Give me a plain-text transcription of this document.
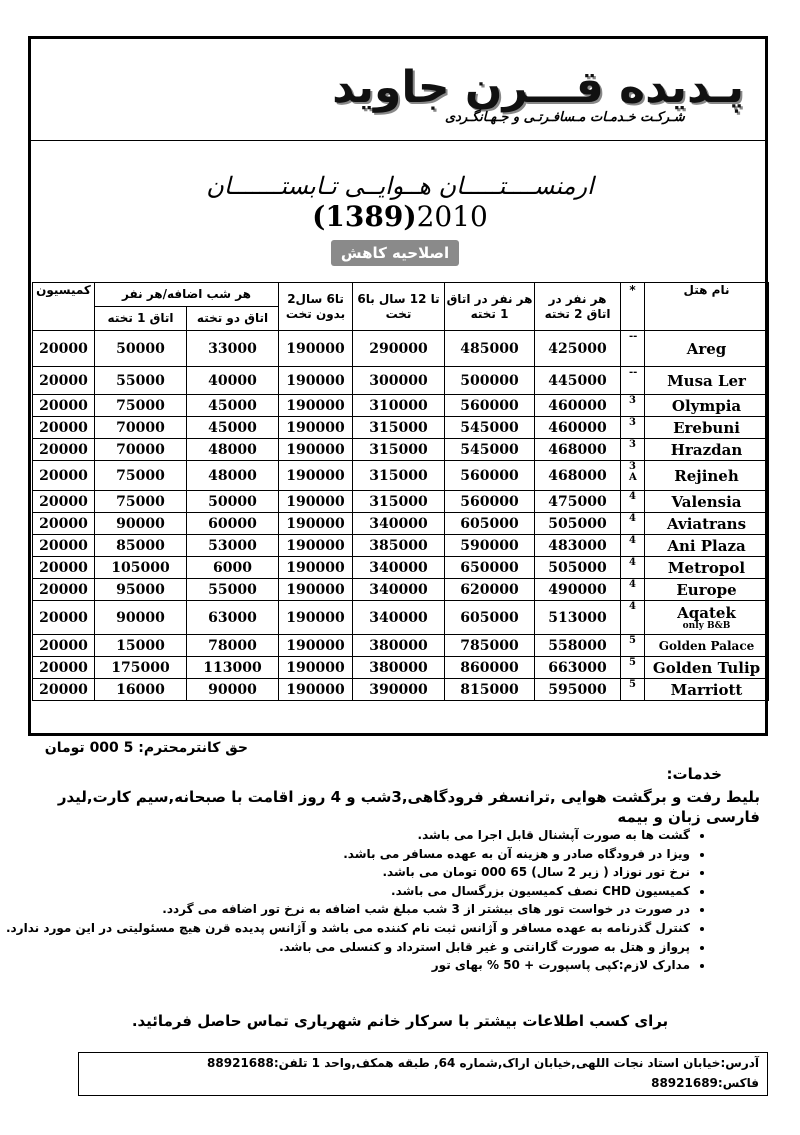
پـدیده قـــرن جاوید
شـرکـت خـدمـات مـسافـرتـی و جـهـانگـردی
ارمنســــتـــــان هــوایــی تـابستـــــــان
(1389)2010
اصلاحیه کاهش نرخ
کمیسیون	هر شب اضافه/هر نفر		2تا6 سال بدون تخت	6تا 12 سال با تخت	هر نفر در اتاق 1 تخته	هر نفر در اتاق 2 تخته	*	نام هتل
	اتاق 1 تخته	اتاق دو تخته						
20000	50000	33000	190000	290000	485000	425000	--	Areg
20000	55000	40000	190000	300000	500000	445000	--	Musa Ler
20000	75000	45000	190000	310000	560000	460000	3	Olympia
20000	70000	45000	190000	315000	545000	460000	3	Erebuni
20000	70000	48000	190000	315000	545000	468000	3	Hrazdan
20000	75000	48000	190000	315000	560000	468000	3 A	Rejineh
20000	75000	50000	190000	315000	560000	475000	4	Valensia
20000	90000	60000	190000	340000	605000	505000	4	Aviatrans
20000	85000	53000	190000	385000	590000	483000	4	Ani Plaza
20000	105000	6000	190000	340000	650000	505000	4	Metropol
20000	95000	55000	190000	340000	620000	490000	4	Europe
20000	90000	63000	190000	340000	605000	513000	4	Aqatek
only B&B

20000	15000	78000	190000	380000	785000	558000	5	Golden Palace
20000	175000	113000	190000	380000	860000	663000	5	Golden Tulip
20000	16000	90000	190000	390000	815000	595000	5	Marriott
حق کانترمحترم: 5 000 تومان
خدمات:
بلیط رفت و برگشت هوایی ,ترانسفر فرودگاهی,3شب و 4 روز اقامت با صبحانه,سیم کارت,لیدر فارسی زبان و بیمه
• گشت ها به صورت آپشنال قابل اجرا می باشد.
• ویزا در فرودگاه صادر و هزینه آن به عهده مسافر می باشد.
• نرخ تور نوزاد ( زیر 2 سال) 65 000 تومان می باشد.
• کمیسیون CHD نصف کمیسیون بزرگسال می باشد.
• در صورت در خواست تور های بیشتر از 3 شب مبلغ شب اضافه به نرخ تور اضافه می گردد.
• کنترل گذرنامه به عهده مسافر و آژانس ثبت نام کننده می باشد و آژانس پدیده قرن هیچ مسئولیتی در این مورد ندارد.
• پرواز و هتل به صورت گارانتی و غیر قابل استرداد و کنسلی می باشد.
• مدارک لازم:کپی پاسپورت + 50 % بهای تور
برای کسب اطلاعات بیشتر با سرکار خانم شهریاری تماس حاصل فرمائید.
آدرس:خیابان استاد نجات اللهی,خیابان اراک,شماره 64, طبقه همکف,واحد 1 تلفن:88921688
فاکس:88921689
